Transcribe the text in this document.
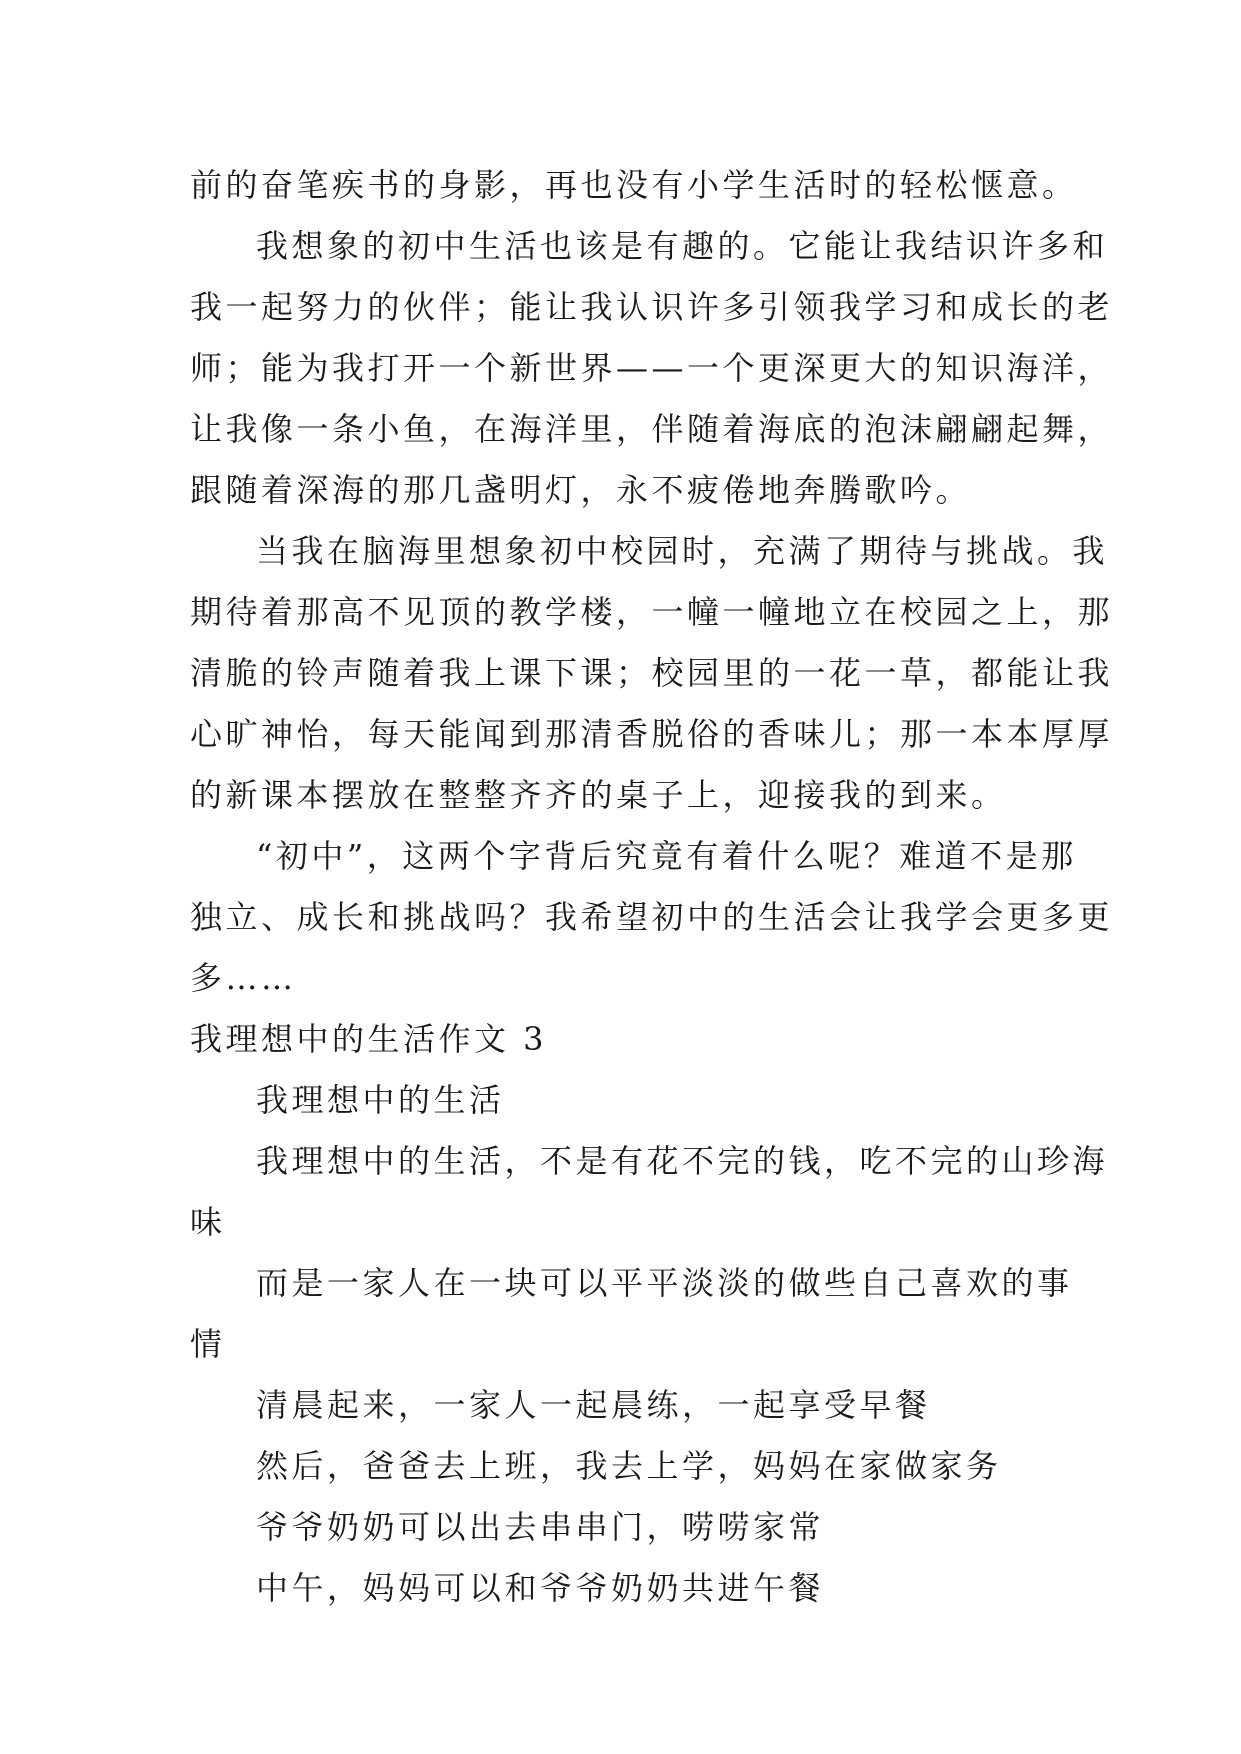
前的奋笔疾书的身影，再也没有小学生活时的轻松惬意。
我想象的初中生活也该是有趣的。它能让我结识许多和
我一起努力的伙伴；能让我认识许多引领我学习和成长的老
师；能为我打开一个新世界——一个更深更大的知识海洋，
让我像一条小鱼，在海洋里，伴随着海底的泡沫翩翩起舞，
跟随着深海的那几盏明灯，永不疲倦地奔腾歌吟。
当我在脑海里想象初中校园时，充满了期待与挑战。我
期待着那高不见顶的教学楼，一幢一幢地立在校园之上，那
清脆的铃声随着我上课下课；校园里的一花一草，都能让我
心旷神怡，每天能闻到那清香脱俗的香味儿；那一本本厚厚
的新课本摆放在整整齐齐的桌子上，迎接我的到来。
“初中”，这两个字背后究竟有着什么呢？难道不是那
独立、成长和挑战吗？我希望初中的生活会让我学会更多更
多……
我理想中的生活作文 3
我理想中的生活
我理想中的生活，不是有花不完的钱，吃不完的山珍海
味
而是一家人在一块可以平平淡淡的做些自己喜欢的事
情
清晨起来，一家人一起晨练，一起享受早餐
然后，爸爸去上班，我去上学，妈妈在家做家务
爷爷奶奶可以出去串串门，唠唠家常
中午，妈妈可以和爷爷奶奶共进午餐
